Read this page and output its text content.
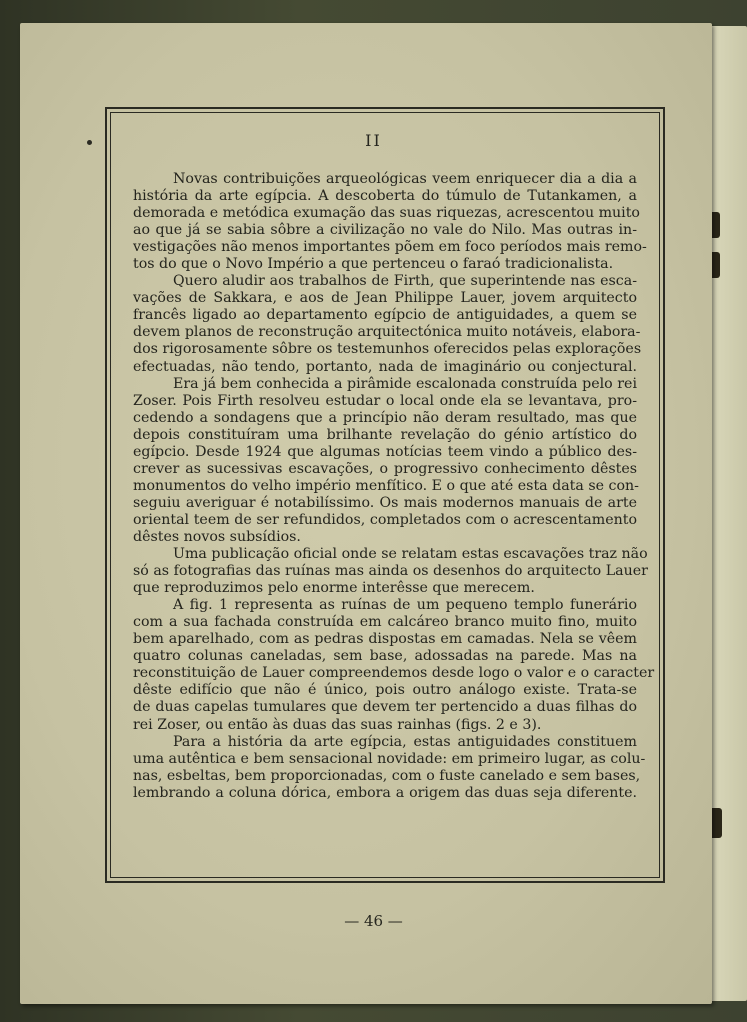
II
Novas contribuições arqueológicas veem enriquecer dia a dia a
história da arte egípcia. A descoberta do túmulo de Tutankamen, a
demorada e metódica exumação das suas riquezas, acrescentou muito
ao que já se sabia sôbre a civilização no vale do Nilo. Mas outras in-
vestigações não menos importantes põem em foco períodos mais remo-
tos do que o Novo Império a que pertenceu o faraó tradicionalista.
Quero aludir aos trabalhos de Firth, que superintende nas esca-
vações de Sakkara, e aos de Jean Philippe Lauer, jovem arquitecto
francês ligado ao departamento egípcio de antiguidades, a quem se
devem planos de reconstrução arquitectónica muito notáveis, elabora-
dos rigorosamente sôbre os testemunhos oferecidos pelas explorações
efectuadas, não tendo, portanto, nada de imaginário ou conjectural.
Era já bem conhecida a pirâmide escalonada construída pelo rei
Zoser. Pois Firth resolveu estudar o local onde ela se levantava, pro-
cedendo a sondagens que a princípio não deram resultado, mas que
depois constituíram uma brilhante revelação do génio artístico do
egípcio. Desde 1924 que algumas notícias teem vindo a público des-
crever as sucessivas escavações, o progressivo conhecimento dêstes
monumentos do velho império menfítico. E o que até esta data se con-
seguiu averiguar é notabilíssimo. Os mais modernos manuais de arte
oriental teem de ser refundidos, completados com o acrescentamento
dêstes novos subsídios.
Uma publicação oficial onde se relatam estas escavações traz não
só as fotografias das ruínas mas ainda os desenhos do arquitecto Lauer
que reproduzimos pelo enorme interêsse que merecem.
A fig. 1 representa as ruínas de um pequeno templo funerário
com a sua fachada construída em calcáreo branco muito fino, muito
bem aparelhado, com as pedras dispostas em camadas. Nela se vêem
quatro colunas caneladas, sem base, adossadas na parede. Mas na
reconstituição de Lauer compreendemos desde logo o valor e o caracter
dêste edifício que não é único, pois outro análogo existe. Trata-se
de duas capelas tumulares que devem ter pertencido a duas filhas do
rei Zoser, ou então às duas das suas rainhas (figs. 2 e 3).
Para a história da arte egípcia, estas antiguidades constituem
uma autêntica e bem sensacional novidade: em primeiro lugar, as colu-
nas, esbeltas, bem proporcionadas, com o fuste canelado e sem bases,
lembrando a coluna dórica, embora a origem das duas seja diferente.
— 46 —
